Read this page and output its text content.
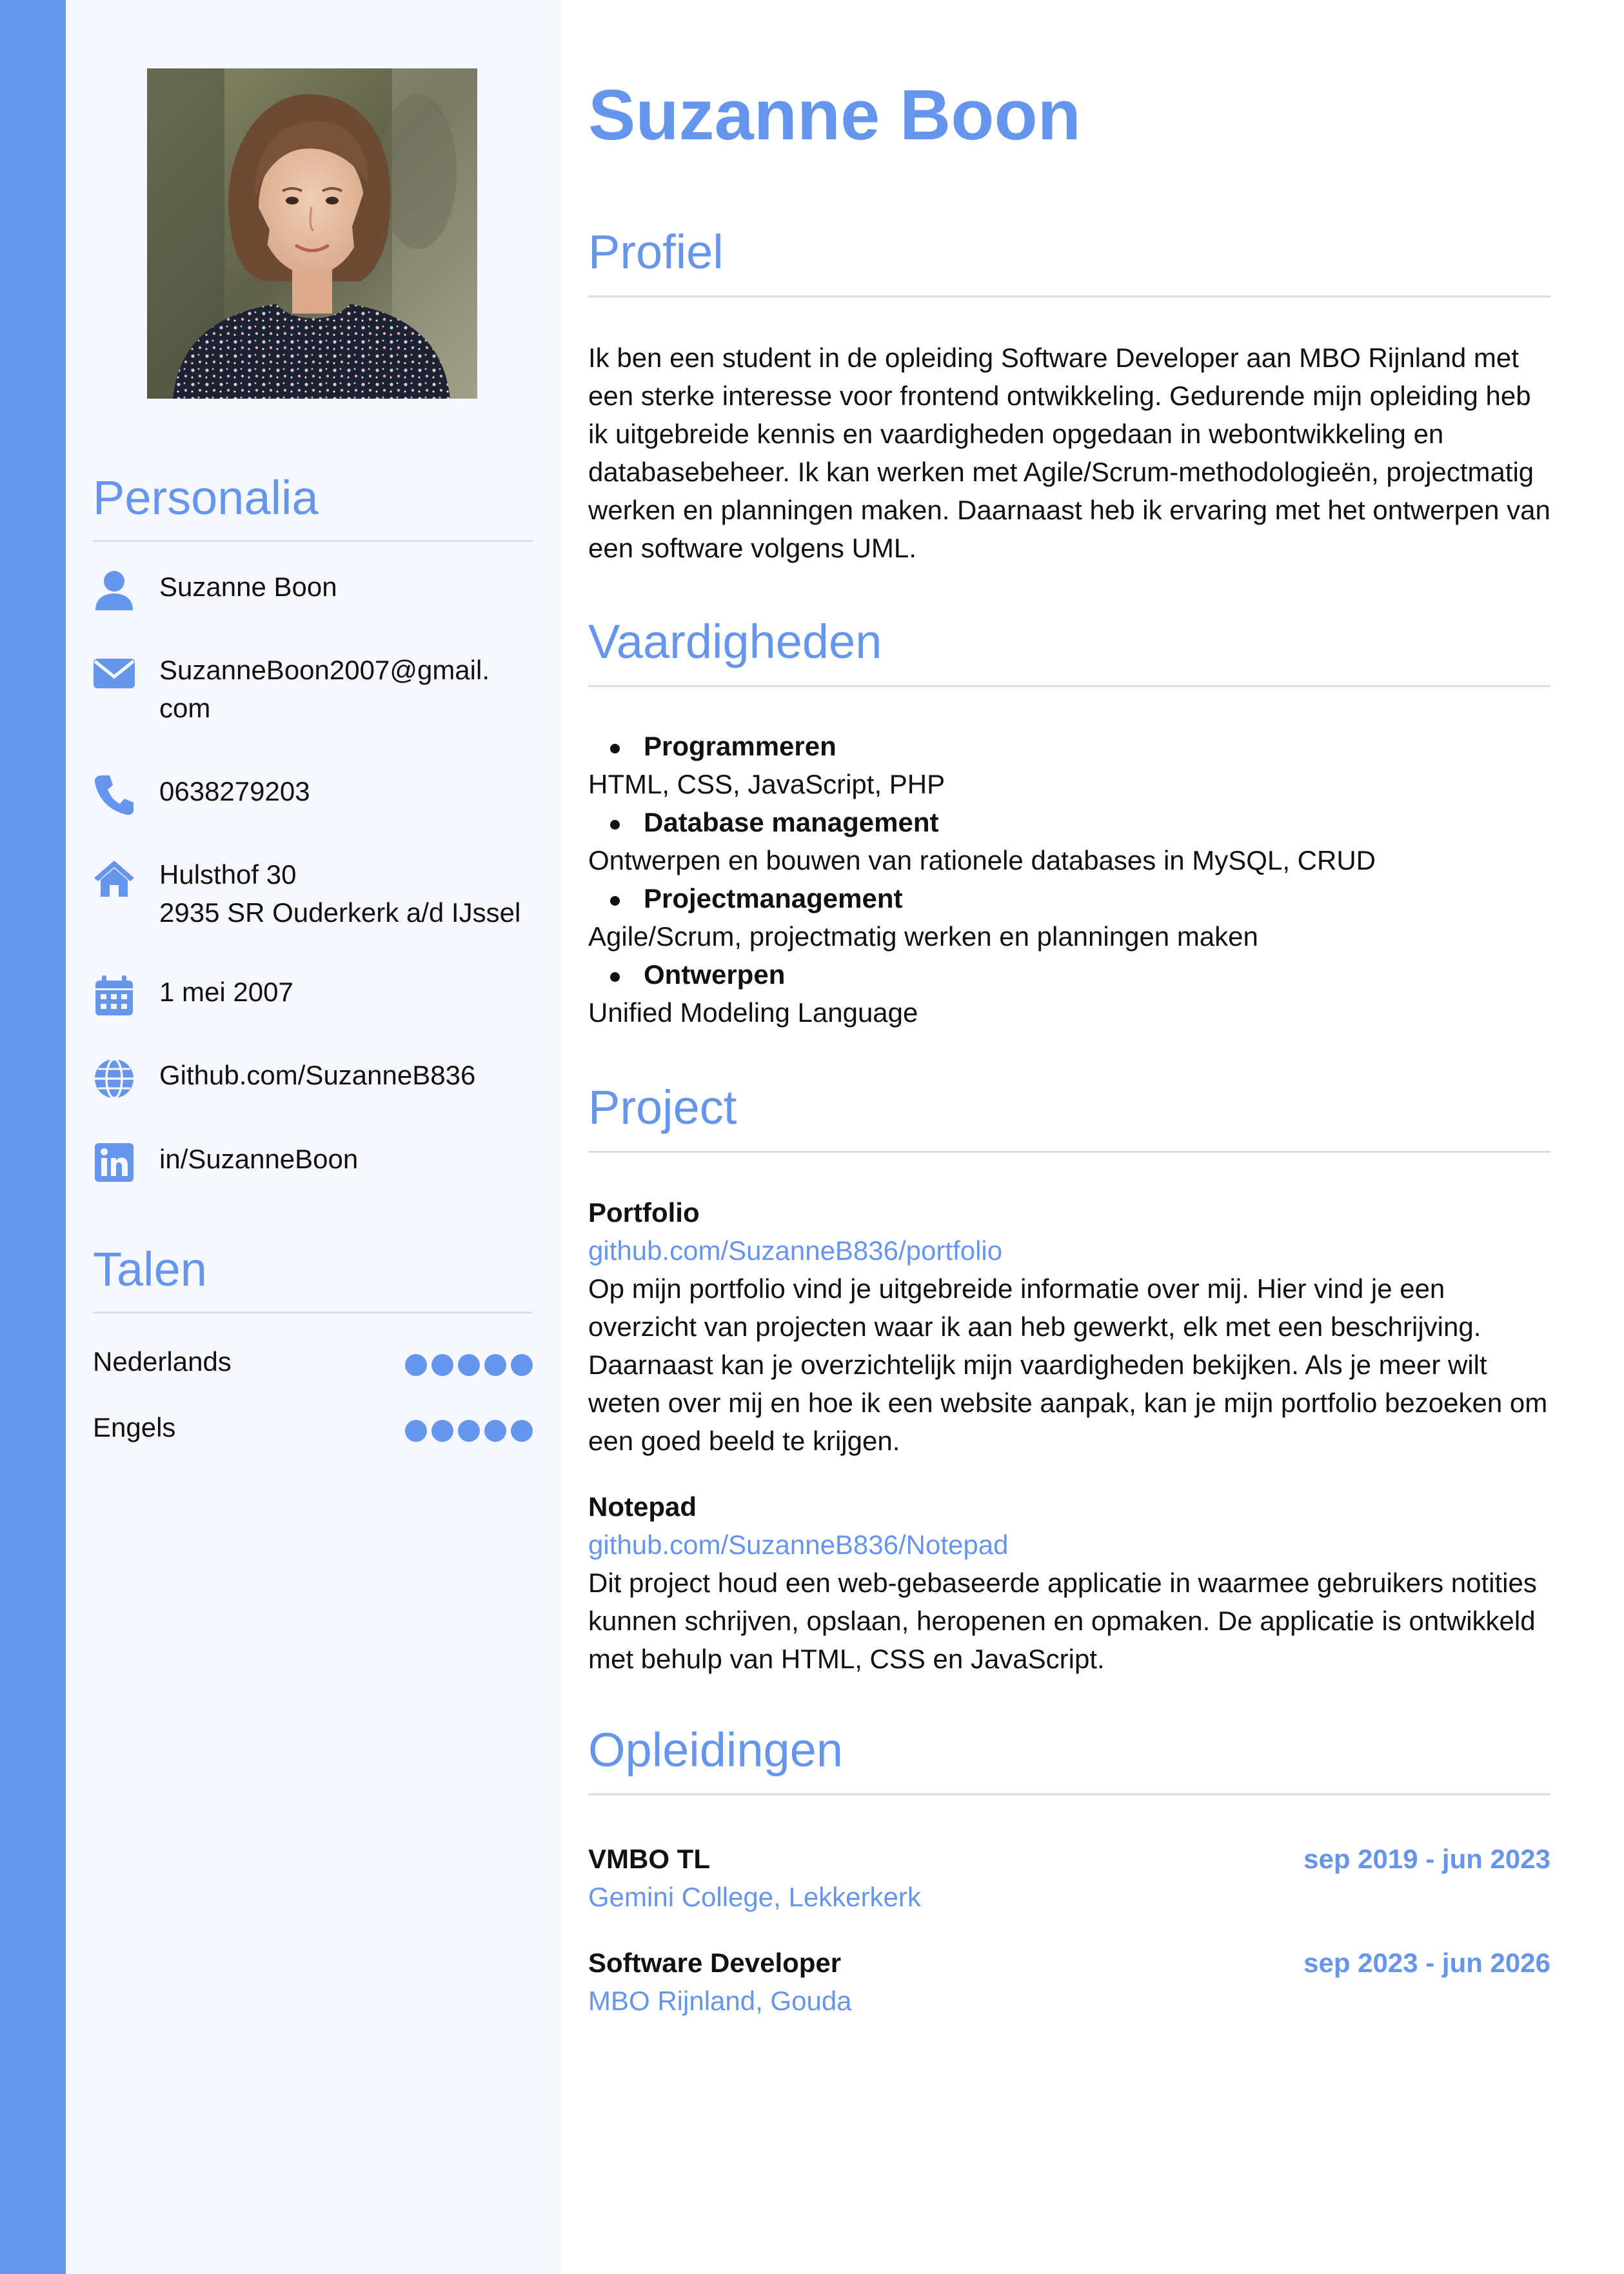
Personalia
Suzanne Boon
SuzanneBoon2007@gmail.
com
0638279203
Hulsthof 30
2935 SR Ouderkerk a/d IJssel
1 mei 2007
Github.com/SuzanneB836
in/SuzanneBoon
Talen
Nederlands
Engels
Suzanne Boon
Profiel

Ik ben een student in de opleiding Software Developer aan MBO Rijnland met een sterke interesse voor frontend ontwikkeling. Gedurende mijn opleiding heb ik uitgebreide kennis en vaardigheden opgedaan in webontwikkeling en databasebeheer. Ik kan werken met Agile/Scrum-methodologieën, projectmatig werken en planningen maken. Daarnaast heb ik ervaring met het ontwerpen van een software volgens UML.

Vaardigheden
Programmeren
HTML, CSS, JavaScript, PHP
Database management
Ontwerpen en bouwen van rationele databases in MySQL, CRUD
Projectmanagement
Agile/Scrum, projectmatig werken en planningen maken
Ontwerpen
Unified Modeling Language
Project
Portfolio
github.com/SuzanneB836/portfolio
Op mijn portfolio vind je uitgebreide informatie over mij. Hier vind je een overzicht van projecten waar ik aan heb gewerkt, elk met een beschrijving. Daarnaast kan je overzichtelijk mijn vaardigheden bekijken. Als je meer wilt weten over mij en hoe ik een website aanpak, kan je mijn portfolio bezoeken om een goed beeld te krijgen.
Notepad
github.com/SuzanneB836/Notepad
Dit project houd een web-gebaseerde applicatie in waarmee gebruikers notities kunnen schrijven, opslaan, heropenen en opmaken. De applicatie is ontwikkeld met behulp van HTML, CSS en JavaScript.
Opleidingen
VMBO TL
Gemini College, Lekkerkerk
sep 2019 - jun 2023
Software Developer
MBO Rijnland, Gouda
sep 2023 - jun 2026
